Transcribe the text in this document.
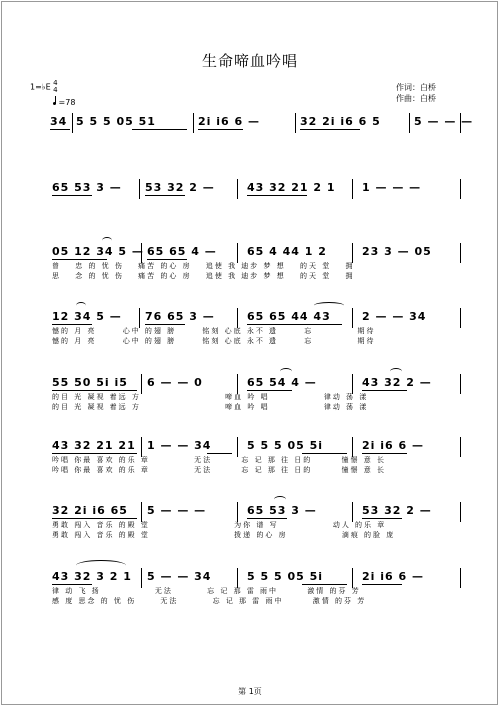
生命啼血吟唱
1=♭E 4
4
=78
作词：白桥
作曲：白桥
34 5 5 5 05 51	2i i6 6 —	32 2i i6 6 5	5 — — —
65 53 3 — 53 32 2 —	43 32 21 2 1 1 — — —
05 12 34 5 — 65 65 4 —	65 4 44 1 2	23 3 — 05
曾 忠 的 忧 伤 痛苦 的心 房 追使 我 迪步 梦 想 的天 堂 拥
思 念 的 忧 伤 痛苦 的心 房 追使 我 迪步 梦 想 的天 堂 拥
12 34 5 — 76 65 3 —	65 65 44 43	2 — — 34
憾的 月 亮	心中 的翅 膀	铭刻 心底 永不 遗	忘	期待
憾的 月 亮	心中 的翅 膀	铭刻 心底 永不 遗	忘	期待
55 50 5i i5 6 — — 0	65 54 4 —	43 32 2 —
的目 光 凝视 着远 方	啼血 吟 唱	律动 荡 漾
的目 光 凝视 着远 方	啼血 吟 唱	律动 荡 漾
43 32 21 21 1 — — 34	5 5 5 05 5i	2i i6 6 —
吟唱 你最 喜欢 的乐 章	无法	忘 记 那 往 日的	憧憬 意 长
吟唱 你最 喜欢 的乐 章	无法	忘 记 那 往 日的	憧憬 意 长
32 2i i6 65 5 — — —	65 53 3 —	53 32 2 —
勇敢 闯入 音乐 的殿 堂	为你 谱 写	动人 的乐 章
勇敢 闯入 音乐 的殿 堂	拨递 的心 房	滴痕 的脸 庞
43 32 3 2 1 5 — — 34	5 5 5 05 5i	2i i6 6 —
律 动 飞 扬	无法	忘 记 那 雷 雨中	激情 的芬 芳
感 度 思念 的 忧 伤	无法	忘 记 那 雷 雨中	激情 的芬 芳
第 1页
